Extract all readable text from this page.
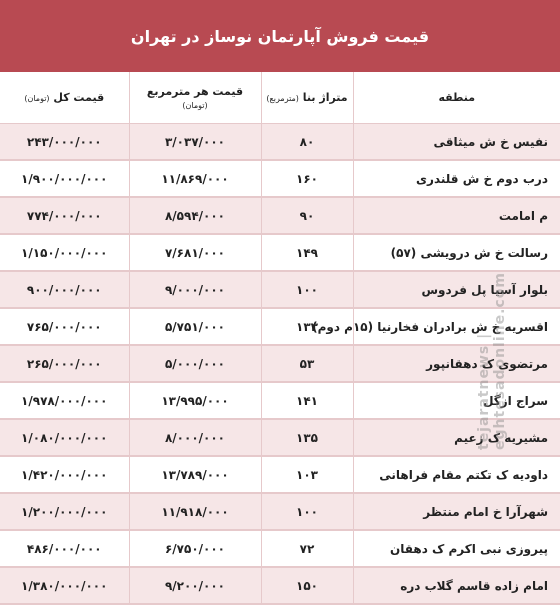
قیمت فروش آپارتمان نوساز در تهران
منطقه	متراژ بنا (مترمربع)	قیمت هر مترمربع (تومان)	قیمت کل (تومان)
نفیس خ ش میثاقی	۸۰	۳/۰۳۷/۰۰۰	۲۴۳/۰۰۰/۰۰۰
درب دوم خ ش قلندری	۱۶۰	۱۱/۸۶۹/۰۰۰	۱/۹۰۰/۰۰۰/۰۰۰
م امامت	۹۰	۸/۵۹۴/۰۰۰	۷۷۴/۰۰۰/۰۰۰
رسالت خ ش درویشی (۵۷)	۱۴۹	۷/۶۸۱/۰۰۰	۱/۱۵۰/۰۰۰/۰۰۰
بلوار آسیا پل فردوس	۱۰۰	۹/۰۰۰/۰۰۰	۹۰۰/۰۰۰/۰۰۰
اقسریه خ ش برادران فخارنیا (۱۵م دوم)	۱۳۳	۵/۷۵۱/۰۰۰	۷۶۵/۰۰۰/۰۰۰
مرتضوی ک دهقانپور	۵۳	۵/۰۰۰/۰۰۰	۲۶۵/۰۰۰/۰۰۰
سراج ازگل	۱۴۱	۱۳/۹۹۵/۰۰۰	۱/۹۷۸/۰۰۰/۰۰۰
مشیریه ک زعیم	۱۳۵	۸/۰۰۰/۰۰۰	۱/۰۸۰/۰۰۰/۰۰۰
داودیه ک تکتم مقام فراهانی	۱۰۳	۱۳/۷۸۹/۰۰۰	۱/۴۲۰/۰۰۰/۰۰۰
شهرآرا خ امام منتظر	۱۰۰	۱۱/۹۱۸/۰۰۰	۱/۲۰۰/۰۰۰/۰۰۰
پیروزی نبی اکرم ک دهقان	۷۲	۶/۷۵۰/۰۰۰	۴۸۶/۰۰۰/۰۰۰
امام زاده قاسم گلاب دره	۱۵۰	۹/۲۰۰/۰۰۰	۱/۳۸۰/۰۰۰/۰۰۰
tejaratnews | eghtesadonline.com
